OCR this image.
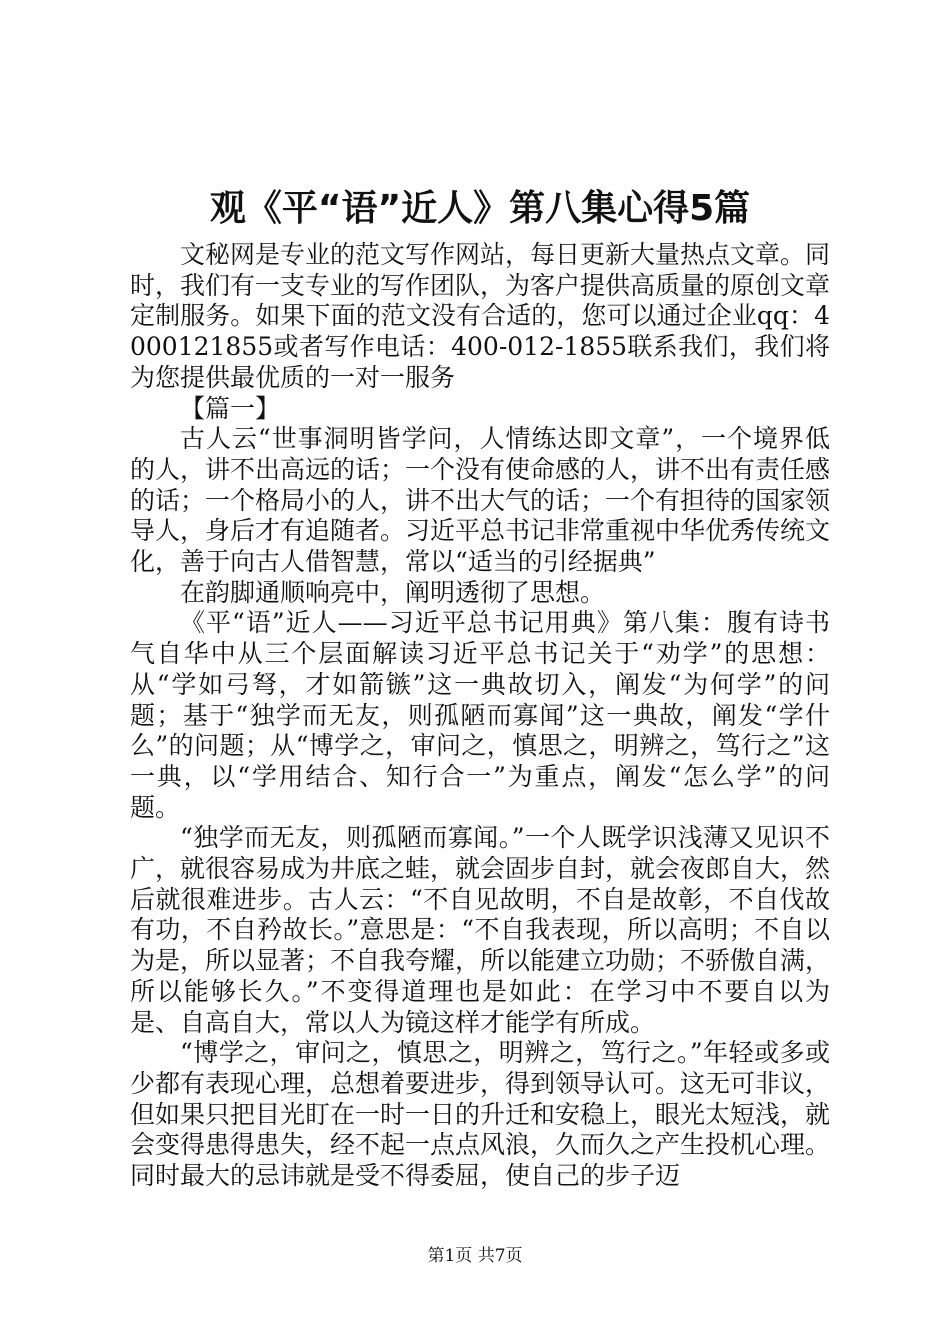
观《平“语”近人》第八集心得5篇

文秘网是专业的范文写作网站，每日更新大量热点文章。同时，我们有一支专业的写作团队，为客户提供高质量的原创文章定制服务。如果下面的范文没有合适的，您可以通过企业qq：4000121855或者写作电话：400-012-1855联系我们，我们将为您提供最优质的一对一服务

【篇一】

古人云“世事洞明皆学问，人情练达即文章”，一个境界低的人，讲不出高远的话；一个没有使命感的人，讲不出有责任感的话；一个格局小的人，讲不出大气的话；一个有担待的国家领导人，身后才有追随者。习近平总书记非常重视中华优秀传统文化，善于向古人借智慧，常以“适当的引经据典”

在韵脚通顺响亮中，阐明透彻了思想。

《平“语”近人——习近平总书记用典》第八集：腹有诗书气自华中从三个层面解读习近平总书记关于“劝学”的思想：从“学如弓弩，才如箭镞”这一典故切入，阐发“为何学”的问题；基于“独学而无友，则孤陋而寡闻”这一典故，阐发“学什么”的问题；从“博学之，审问之，慎思之，明辨之，笃行之”这一典，以“学用结合、知行合一”为重点，阐发“怎么学”的问题。

“独学而无友，则孤陋而寡闻。”一个人既学识浅薄又见识不广，就很容易成为井底之蛙，就会固步自封，就会夜郎自大，然后就很难进步。古人云：“不自见故明，不自是故彰，不自伐故有功，不自矜故长。”意思是：“不自我表现，所以高明；不自以为是，所以显著；不自我夸耀，所以能建立功勋；不骄傲自满，所以能够长久。”不变得道理也是如此：在学习中不要自以为是、自高自大，常以人为镜这样才能学有所成。

“博学之，审问之，慎思之，明辨之，笃行之。”年轻或多或少都有表现心理，总想着要进步，得到领导认可。这无可非议，但如果只把目光盯在一时一日的升迁和安稳上，眼光太短浅，就会变得患得患失，经不起一点点风浪，久而久之产生投机心理。同时最大的忌讳就是受不得委屈，使自己的步子迈

第1页 共7页
